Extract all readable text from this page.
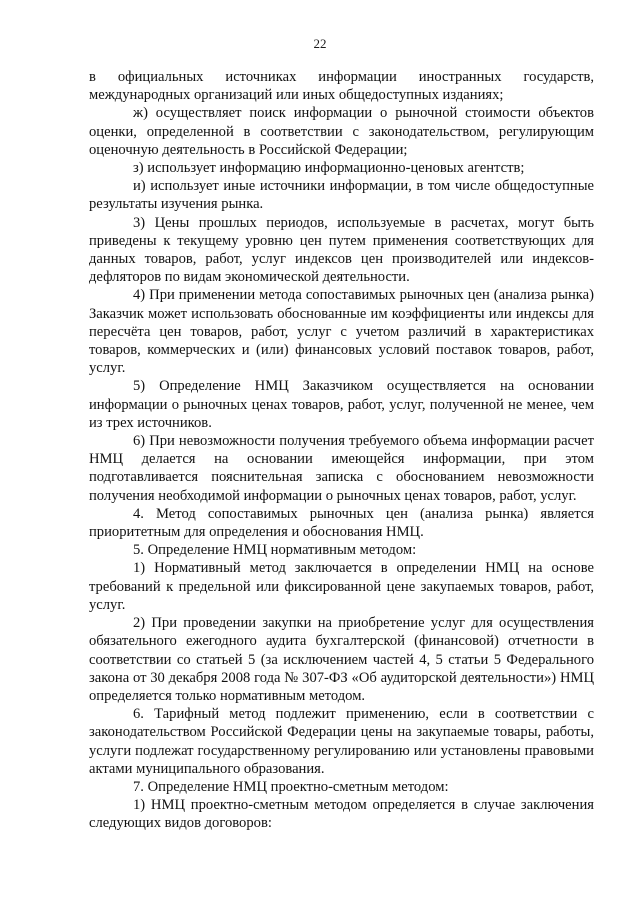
22

в официальных источниках информации иностранных государств, международных организаций или иных общедоступных изданиях;

ж) осуществляет поиск информации о рыночной стоимости объектов оценки, определенной в соответствии с законодательством, регулирующим оценочную деятельность в Российской Федерации;

з) использует информацию информационно-ценовых агентств;

и) использует иные источники информации, в том числе общедоступные результаты изучения рынка.

3) Цены прошлых периодов, используемые в расчетах, могут быть приведены к текущему уровню цен путем применения соответствующих для данных товаров, работ, услуг индексов цен производителей или индексов-дефляторов по видам экономической деятельности.

4) При применении метода сопоставимых рыночных цен (анализа рынка) Заказчик может использовать обоснованные им коэффициенты или индексы для пересчёта цен товаров, работ, услуг с учетом различий в характеристиках товаров, коммерческих и (или) финансовых условий поставок товаров, работ, услуг.

5) Определение НМЦ Заказчиком осуществляется на основании информации о рыночных ценах товаров, работ, услуг, полученной не менее, чем из трех источников.

6) При невозможности получения требуемого объема информации расчет НМЦ делается на основании имеющейся информации, при этом подготавливается пояснительная записка с обоснованием невозможности получения необходимой информации о рыночных ценах товаров, работ, услуг.

4. Метод сопоставимых рыночных цен (анализа рынка) является приоритетным для определения и обоснования НМЦ.

5. Определение НМЦ нормативным методом:

1) Нормативный метод заключается в определении НМЦ на основе требований к предельной или фиксированной цене закупаемых товаров, работ, услуг.

2) При проведении закупки на приобретение услуг для осуществления обязательного ежегодного аудита бухгалтерской (финансовой) отчетности в соответствии со статьей 5 (за исключением частей 4, 5 статьи 5 Федерального закона от 30 декабря 2008 года № 307-ФЗ «Об аудиторской деятельности») НМЦ определяется только нормативным методом.

6. Тарифный метод подлежит применению, если в соответствии с законодательством Российской Федерации цены на закупаемые товары, работы, услуги подлежат государственному регулированию или установлены правовыми актами муниципального образования.

7. Определение НМЦ проектно-сметным методом:

1) НМЦ проектно-сметным методом определяется в случае заключения следующих видов договоров:
